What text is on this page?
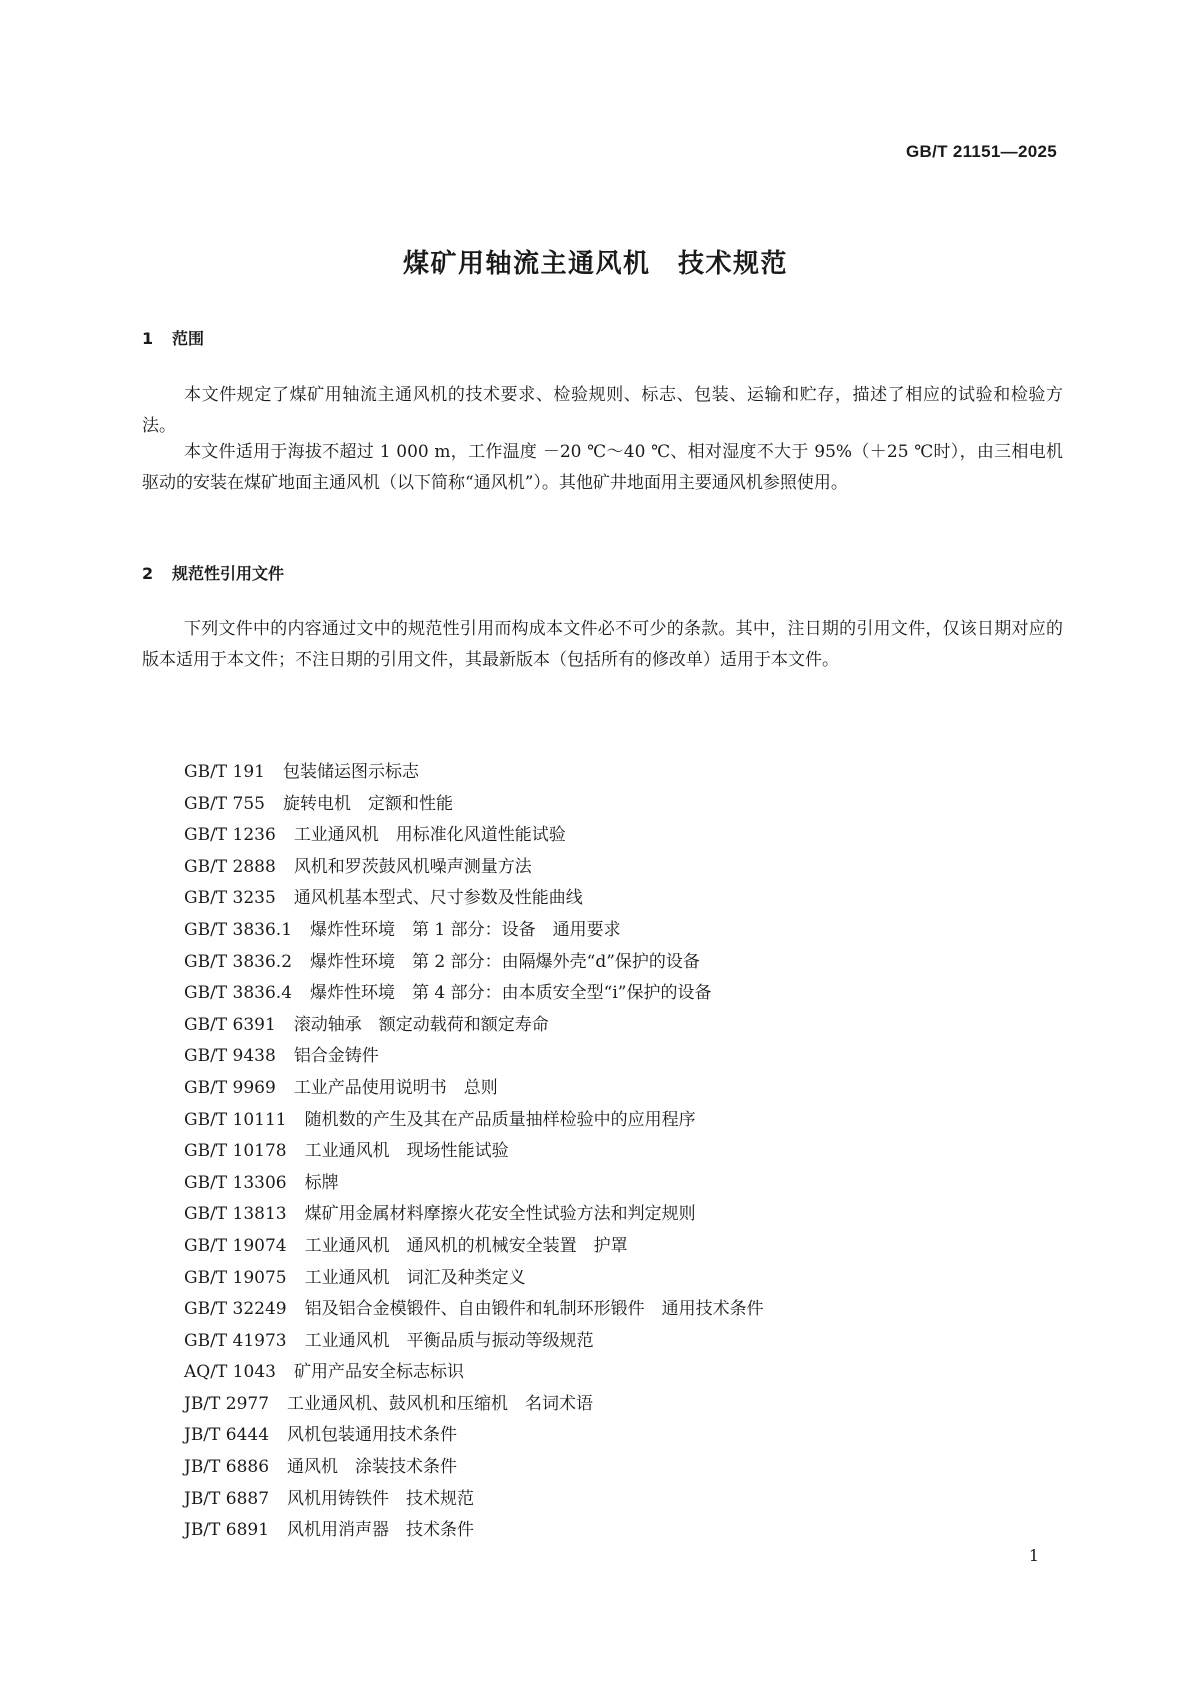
GB/T 21151—2025
煤矿用轴流主通风机　技术规范
1 范围

本文件规定了煤矿用轴流主通风机的技术要求、检验规则、标志、包装、运输和贮存，描述了相应的试验和检验方法。

本文件适用于海拔不超过 1 000 m，工作温度 －20 ℃～40 ℃、相对湿度不大于 95%（＋25 ℃时），由三相电机驱动的安装在煤矿地面主通风机（以下简称“通风机”）。其他矿井地面用主要通风机参照使用。

2 规范性引用文件

下列文件中的内容通过文中的规范性引用而构成本文件必不可少的条款。其中，注日期的引用文件，仅该日期对应的版本适用于本文件；不注日期的引用文件，其最新版本（包括所有的修改单）适用于本文件。

GB/T 191 包装储运图示标志
GB/T 755 旋转电机　定额和性能
GB/T 1236 工业通风机　用标准化风道性能试验
GB/T 2888 风机和罗茨鼓风机噪声测量方法
GB/T 3235 通风机基本型式、尺寸参数及性能曲线
GB/T 3836.1 爆炸性环境　第 1 部分：设备　通用要求
GB/T 3836.2 爆炸性环境　第 2 部分：由隔爆外壳“d”保护的设备
GB/T 3836.4 爆炸性环境　第 4 部分：由本质安全型“i”保护的设备
GB/T 6391 滚动轴承　额定动载荷和额定寿命
GB/T 9438 铝合金铸件
GB/T 9969 工业产品使用说明书　总则
GB/T 10111 随机数的产生及其在产品质量抽样检验中的应用程序
GB/T 10178 工业通风机　现场性能试验
GB/T 13306 标牌
GB/T 13813 煤矿用金属材料摩擦火花安全性试验方法和判定规则
GB/T 19074 工业通风机　通风机的机械安全装置　护罩
GB/T 19075 工业通风机　词汇及种类定义
GB/T 32249 铝及铝合金模锻件、自由锻件和轧制环形锻件　通用技术条件
GB/T 41973 工业通风机　平衡品质与振动等级规范
AQ/T 1043 矿用产品安全标志标识
JB/T 2977 工业通风机、鼓风机和压缩机　名词术语
JB/T 6444 风机包装通用技术条件
JB/T 6886 通风机　涂装技术条件
JB/T 6887 风机用铸铁件　技术规范
JB/T 6891 风机用消声器　技术条件
1
